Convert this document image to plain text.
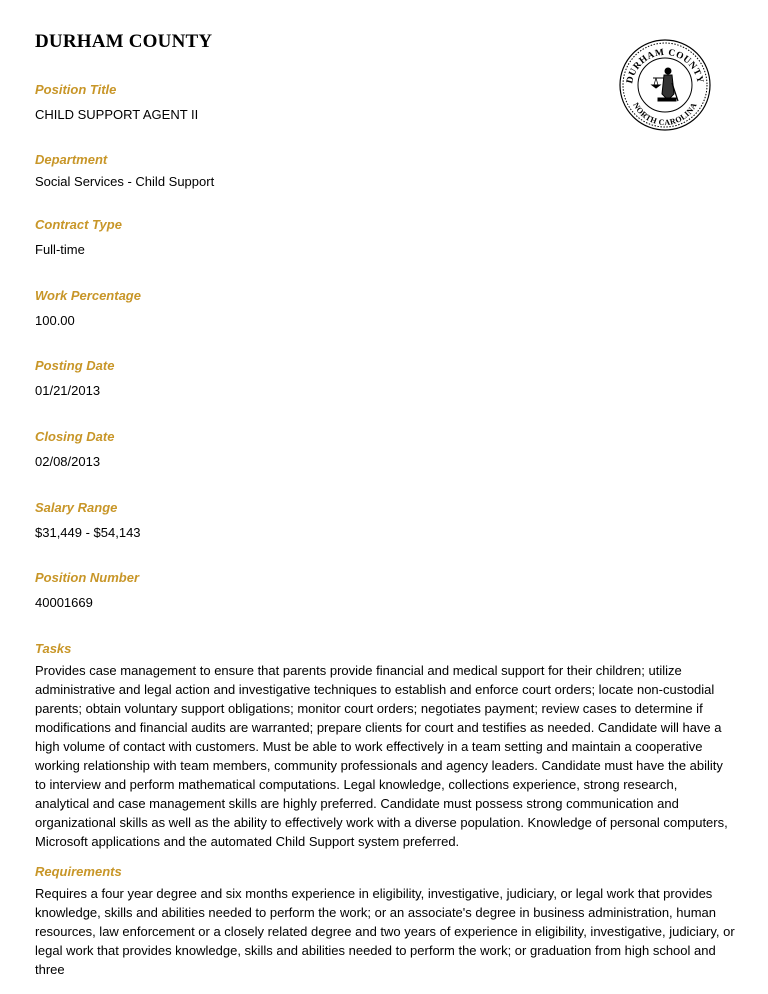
DURHAM COUNTY
DURHAM COUNTY
NORTH CAROLINA

Position Title

CHILD SUPPORT AGENT II

Department

Social Services - Child Support

Contract Type

Full-time

Work Percentage

100.00

Posting Date

01/21/2013

Closing Date

02/08/2013

Salary Range

$31,449 - $54,143

Position Number

40001669

Tasks

Provides case management to ensure that parents provide financial and medical support for their children; utilize administrative and legal action and investigative techniques to establish and enforce court orders; locate non-custodial parents; obtain voluntary support obligations; monitor court orders; negotiates payment; review cases to determine if modifications and financial audits are warranted; prepare clients for court and testifies as needed. Candidate will have a high volume of contact with customers. Must be able to work effectively in a team setting and maintain a cooperative working relationship with team members, community professionals and agency leaders. Candidate must have the ability to interview and perform mathematical computations. Legal knowledge, collections experience, strong research, analytical and case management skills are highly preferred. Candidate must possess strong communication and organizational skills as well as the ability to effectively work with a diverse population. Knowledge of personal computers, Microsoft applications and the automated Child Support system preferred.

Requirements

Requires a four year degree and six months experience in eligibility, investigative, judiciary, or legal work that provides knowledge, skills and abilities needed to perform the work; or an associate's degree in business administration, human resources, law enforcement or a closely related degree and two years of experience in eligibility, investigative, judiciary, or legal work that provides knowledge, skills and abilities needed to perform the work; or graduation from high school and three
